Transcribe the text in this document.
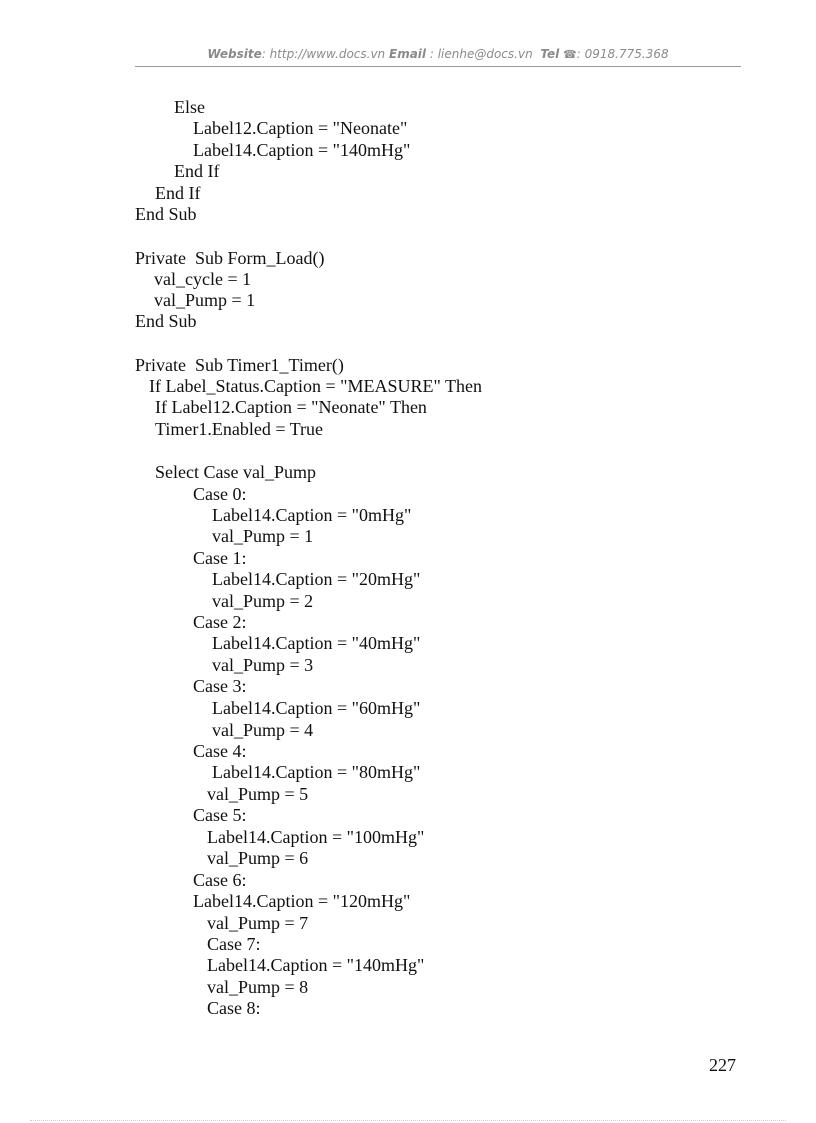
Website: http://www.docs.vn Email : lienhe@docs.vn Tel ☎: 0918.775.368
Else
Label12.Caption = "Neonate"
Label14.Caption = "140mHg"
End If
End If
End Sub
Private  Sub Form_Load()
val_cycle = 1
val_Pump = 1
End Sub
Private  Sub Timer1_Timer()
If Label_Status.Caption = "MEASURE" Then
If Label12.Caption = "Neonate" Then
Timer1.Enabled = True
Select Case val_Pump
Case 0:
Label14.Caption = "0mHg"
val_Pump = 1
Case 1:
Label14.Caption = "20mHg"
val_Pump = 2
Case 2:
Label14.Caption = "40mHg"
val_Pump = 3
Case 3:
Label14.Caption = "60mHg"
val_Pump = 4
Case 4:
Label14.Caption = "80mHg"
val_Pump = 5
Case 5:
Label14.Caption = "100mHg"
val_Pump = 6
Case 6:
Label14.Caption = "120mHg"
val_Pump = 7
Case 7:
Label14.Caption = "140mHg"
val_Pump = 8
Case 8:
227
